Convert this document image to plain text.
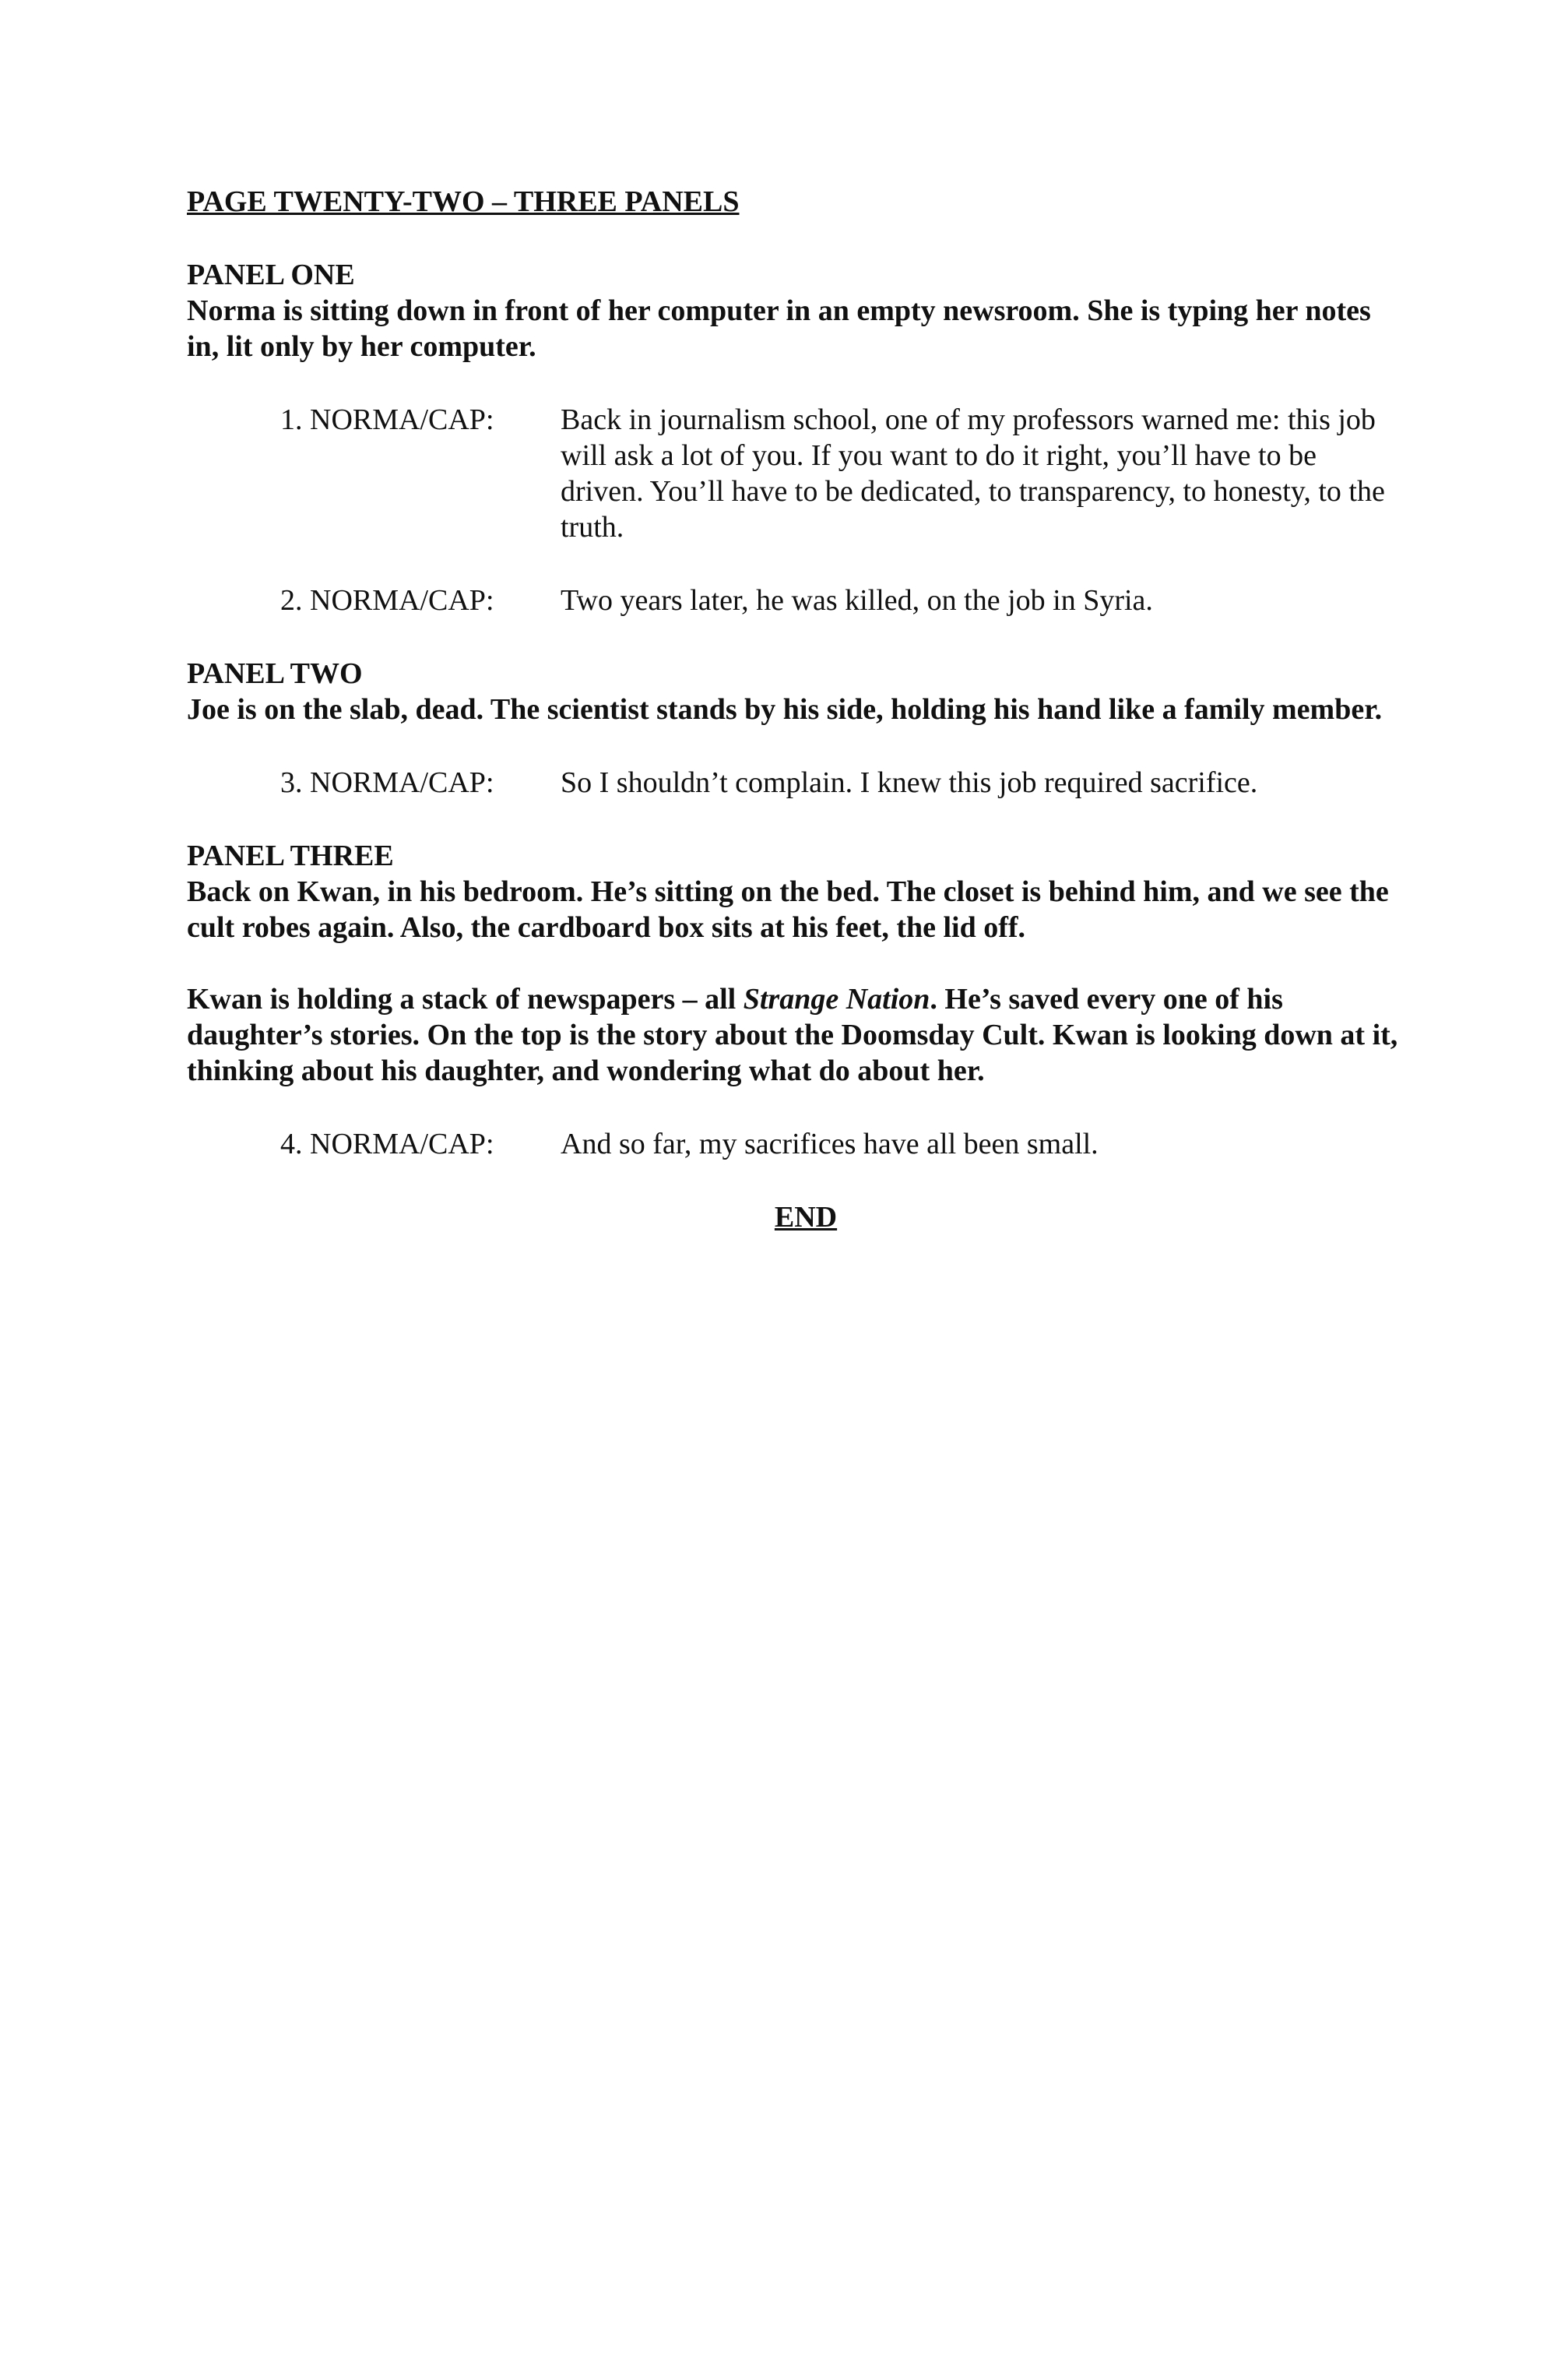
PAGE TWENTY-TWO – THREE PANELS
PANEL ONE

Norma is sitting down in front of her computer in an empty newsroom. She is typing her notes in, lit only by her computer.

1. NORMA/CAP:	Back in journalism school, one of my professors warned me: this job will ask a lot of you. If you want to do it right, you’ll have to be driven. You’ll have to be dedicated, to transparency, to honesty, to the truth.
2. NORMA/CAP:	Two years later, he was killed, on the job in Syria.
PANEL TWO

Joe is on the slab, dead. The scientist stands by his side, holding his hand like a family member.

3. NORMA/CAP:	So I shouldn’t complain. I knew this job required sacrifice.
PANEL THREE

Back on Kwan, in his bedroom. He’s sitting on the bed. The closet is behind him, and we see the cult robes again. Also, the cardboard box sits at his feet, the lid off.

Kwan is holding a stack of newspapers – all Strange Nation. He’s saved every one of his daughter’s stories. On the top is the story about the Doomsday Cult. Kwan is looking down at it, thinking about his daughter, and wondering what do about her.

4. NORMA/CAP:	And so far, my sacrifices have all been small.
END
